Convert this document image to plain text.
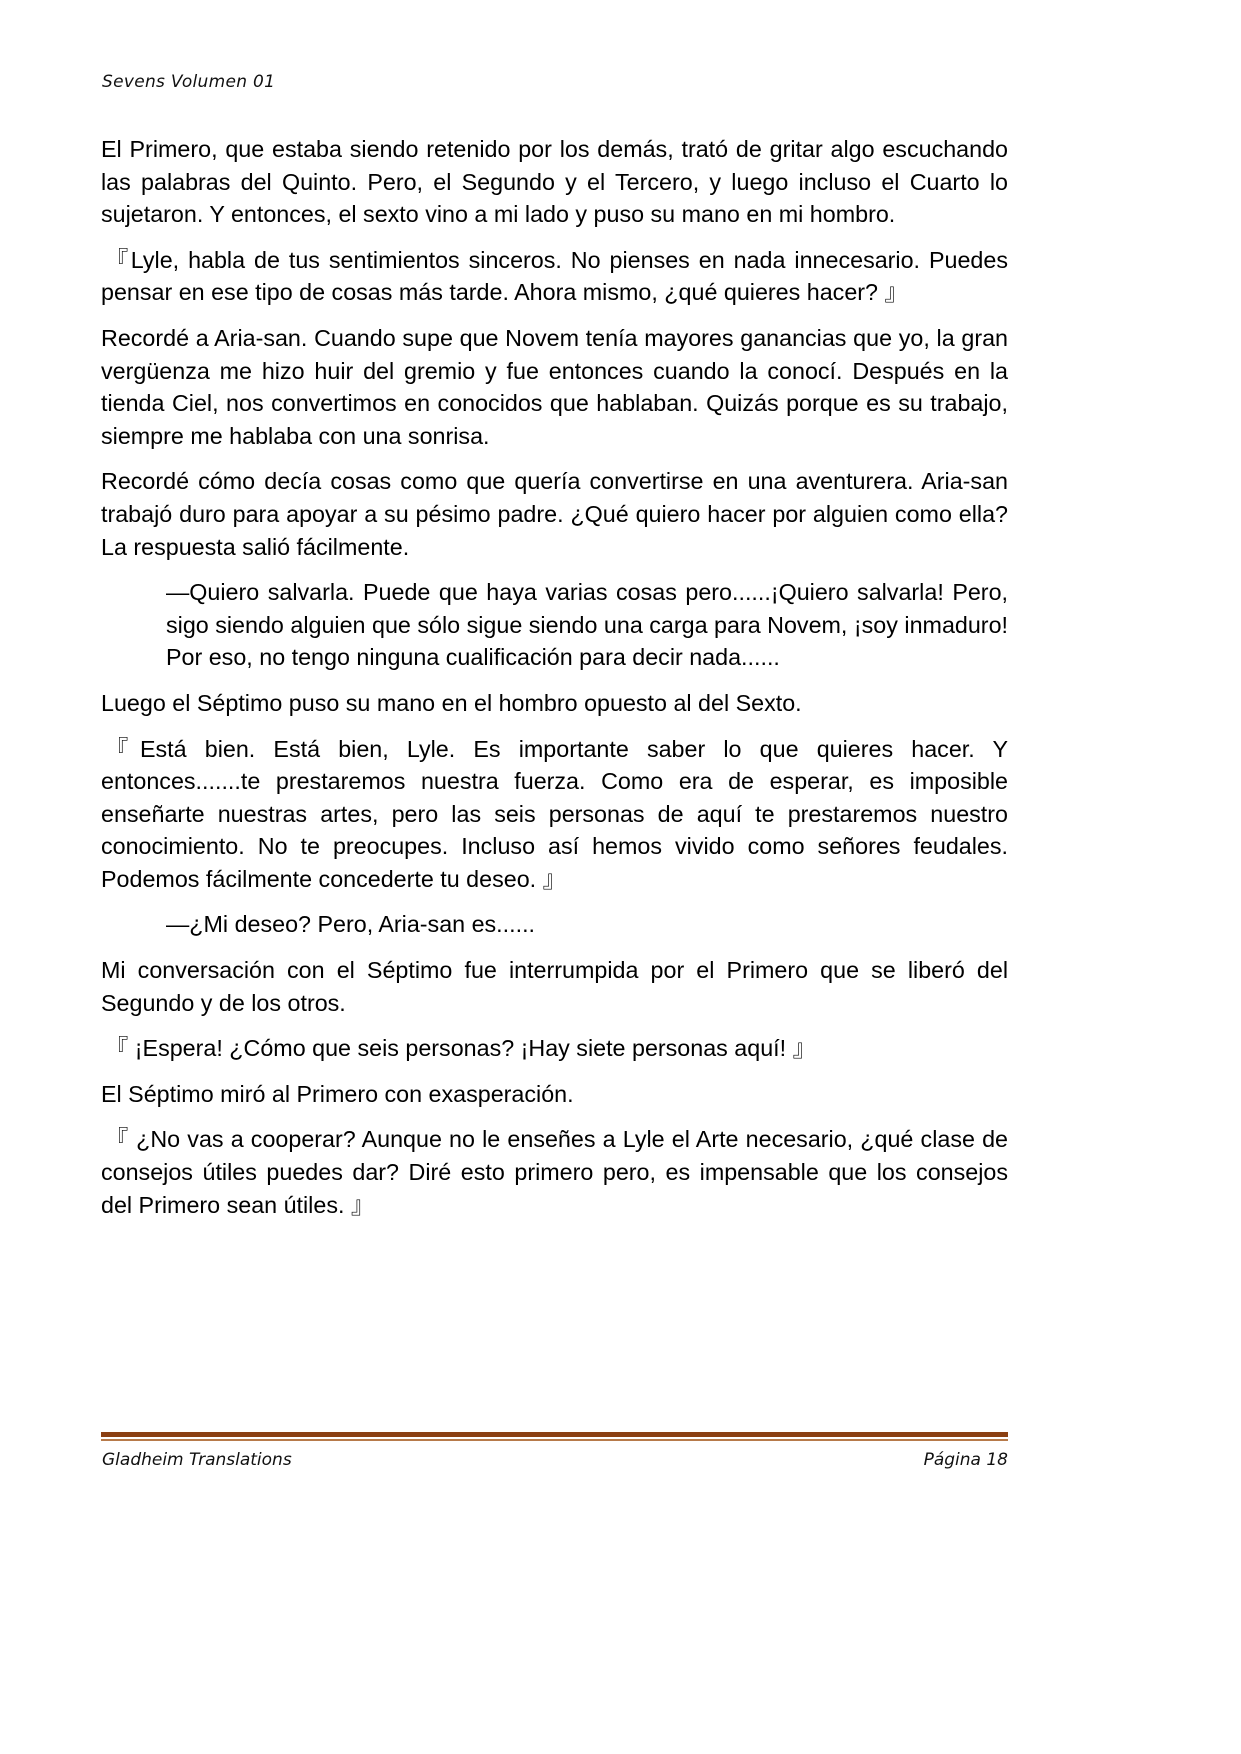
Sevens Volumen 01

El Primero, que estaba siendo retenido por los demás, trató de gritar algo escuchando las palabras del Quinto. Pero, el Segundo y el Tercero, y luego incluso el Cuarto lo sujetaron. Y entonces, el sexto vino a mi lado y puso su mano en mi hombro.

『Lyle, habla de tus sentimientos sinceros. No pienses en nada innecesario. Puedes pensar en ese tipo de cosas más tarde. Ahora mismo, ¿qué quieres hacer? 』

Recordé a Aria-san. Cuando supe que Novem tenía mayores ganancias que yo, la gran vergüenza me hizo huir del gremio y fue entonces cuando la conocí. Después en la tienda Ciel, nos convertimos en conocidos que hablaban. Quizás porque es su trabajo, siempre me hablaba con una sonrisa.

Recordé cómo decía cosas como que quería convertirse en una aventurera. Aria-san trabajó duro para apoyar a su pésimo padre. ¿Qué quiero hacer por alguien como ella? La respuesta salió fácilmente.

—Quiero salvarla. Puede que haya varias cosas pero......¡Quiero salvarla! Pero, sigo siendo alguien que sólo sigue siendo una carga para Novem, ¡soy inmaduro! Por eso, no tengo ninguna cualificación para decir nada......

Luego el Séptimo puso su mano en el hombro opuesto al del Sexto.

『Está bien. Está bien, Lyle. Es importante saber lo que quieres hacer. Y entonces.......te prestaremos nuestra fuerza. Como era de esperar, es imposible enseñarte nuestras artes, pero las seis personas de aquí te prestaremos nuestro conocimiento. No te preocupes. Incluso así hemos vivido como señores feudales. Podemos fácilmente concederte tu deseo. 』

—¿Mi deseo? Pero, Aria-san es......

Mi conversación con el Séptimo fue interrumpida por el Primero que se liberó del Segundo y de los otros.

『 ¡Espera! ¿Cómo que seis personas? ¡Hay siete personas aquí! 』

El Séptimo miró al Primero con exasperación.

『 ¿No vas a cooperar? Aunque no le enseñes a Lyle el Arte necesario, ¿qué clase de consejos útiles puedes dar? Diré esto primero pero, es impensable que los consejos del Primero sean útiles. 』

Gladheim Translations	Página 18
